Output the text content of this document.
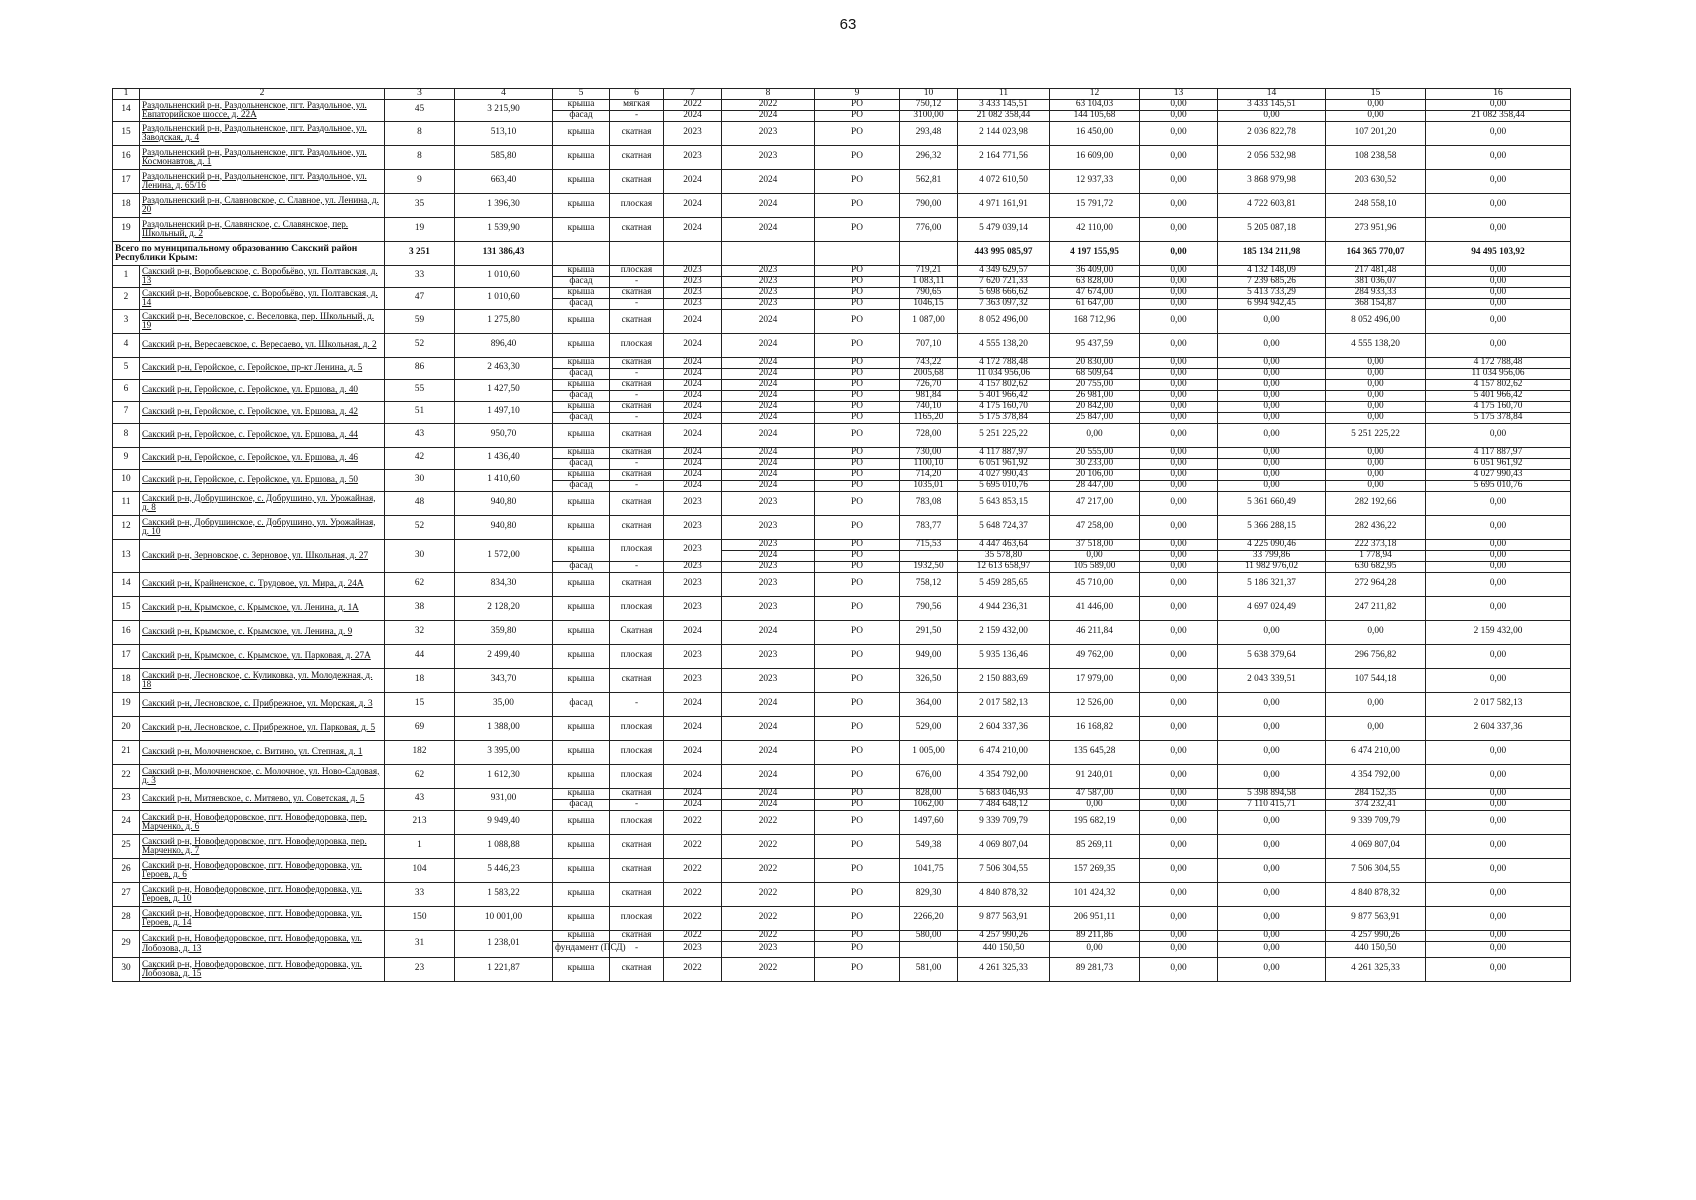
63
1	2	3	4	5	6	7	8	9	10	11	12	13	14	15	16
14	Раздольненский р-н, Раздольненское, пгт. Раздольное, ул. Евпаторийское шоссе, д. 22А	45	3 215,90	крыша	мягкая	2022	2022	РО	750,12	3 433 145,51	63 104,03	0,00	3 433 145,51	0,00	0,00
				фасад	-	2024	2024	РО	3100,00	21 082 358,44	144 105,68	0,00	0,00	0,00	21 082 358,44
15	Раздольненский р-н, Раздольненское, пгт. Раздольное, ул. Заводская, д. 4	8	513,10	крыша	скатная	2023	2023	РО	293,48	2 144 023,98	16 450,00	0,00	2 036 822,78	107 201,20	0,00
16	Раздольненский р-н, Раздольненское, пгт. Раздольное, ул. Космонавтов, д. 1	8	585,80	крыша	скатная	2023	2023	РО	296,32	2 164 771,56	16 609,00	0,00	2 056 532,98	108 238,58	0,00
17	Раздольненский р-н, Раздольненское, пгт. Раздольное, ул. Ленина, д. 65/16	9	663,40	крыша	скатная	2024	2024	РО	562,81	4 072 610,50	12 937,33	0,00	3 868 979,98	203 630,52	0,00
18	Раздольненский р-н, Славновское, с. Славное, ул. Ленина, д. 20	35	1 396,30	крыша	плоская	2024	2024	РО	790,00	4 971 161,91	15 791,72	0,00	4 722 603,81	248 558,10	0,00
19	Раздольненский р-н, Славянское, с. Славянское, пер. Школьный, д. 2	19	1 539,90	крыша	скатная	2024	2024	РО	776,00	5 479 039,14	42 110,00	0,00	5 205 087,18	273 951,96	0,00
Всего по муниципальному образованию Сакский район Республики Крым:		3 251	131 386,43							443 995 085,97	4 197 155,95	0,00	185 134 211,98	164 365 770,07	94 495 103,92
1	Сакский р-н, Воробьевское, с. Воробьёво, ул. Полтавская, д. 13	33	1 010,60	крыша	плоская	2023	2023	РО	719,21	4 349 629,57	36 409,00	0,00	4 132 148,09	217 481,48	0,00
				фасад	-	2023	2023	РО	1 083,11	7 620 721,33	63 828,00	0,00	7 239 685,26	381 036,07	0,00
2	Сакский р-н, Воробьевское, с. Воробьёво, ул. Полтавская, д. 14	47	1 010,60	крыша	скатная	2023	2023	РО	790,65	5 698 666,62	47 674,00	0,00	5 413 733,29	284 933,33	0,00
				фасад	-	2023	2023	РО	1046,15	7 363 097,32	61 647,00	0,00	6 994 942,45	368 154,87	0,00
3	Сакский р-н, Веселовское, с. Веселовка, пер. Школьный, д. 19	59	1 275,80	крыша	скатная	2024	2024	РО	1 087,00	8 052 496,00	168 712,96	0,00	0,00	8 052 496,00	0,00
4	Сакский р-н, Вересаевское, с. Вересаево, ул. Школьная, д. 2	52	896,40	крыша	плоская	2024	2024	РО	707,10	4 555 138,20	95 437,59	0,00	0,00	4 555 138,20	0,00
5	Сакский р-н, Геройское, с. Геройское, пр-кт Ленина, д. 5	86	2 463,30	крыша	скатная	2024	2024	РО	743,22	4 172 788,48	20 830,00	0,00	0,00	0,00	4 172 788,48
				фасад	-	2024	2024	РО	2005,68	11 034 956,06	68 509,64	0,00	0,00	0,00	11 034 956,06
6	Сакский р-н, Геройское, с. Геройское, ул. Ершова, д. 40	55	1 427,50	крыша	скатная	2024	2024	РО	726,70	4 157 802,62	20 755,00	0,00	0,00	0,00	4 157 802,62
				фасад	-	2024	2024	РО	981,84	5 401 966,42	26 981,00	0,00	0,00	0,00	5 401 966,42
7	Сакский р-н, Геройское, с. Геройское, ул. Ершова, д. 42	51	1 497,10	крыша	скатная	2024	2024	РО	740,10	4 175 160,70	20 842,00	0,00	0,00	0,00	4 175 160,70
				фасад	-	2024	2024	РО	1165,20	5 175 378,84	25 847,00	0,00	0,00	0,00	5 175 378,84
8	Сакский р-н, Геройское, с. Геройское, ул. Ершова, д. 44	43	950,70	крыша	скатная	2024	2024	РО	728,00	5 251 225,22	0,00	0,00	0,00	5 251 225,22	0,00
9	Сакский р-н, Геройское, с. Геройское, ул. Ершова, д. 46	42	1 436,40	крыша	скатная	2024	2024	РО	730,00	4 117 887,97	20 555,00	0,00	0,00	0,00	4 117 887,97
				фасад	-	2024	2024	РО	1100,10	6 051 961,92	30 233,00	0,00	0,00	0,00	6 051 961,92
10	Сакский р-н, Геройское, с. Геройское, ул. Ершова, д. 50	30	1 410,60	крыша	скатная	2024	2024	РО	714,20	4 027 990,43	20 106,00	0,00	0,00	0,00	4 027 990,43
				фасад	-	2024	2024	РО	1035,01	5 695 010,76	28 447,00	0,00	0,00	0,00	5 695 010,76
11	Сакский р-н, Добрушинское, с. Добрушино, ул. Урожайная, д. 8	48	940,80	крыша	скатная	2023	2023	РО	783,08	5 643 853,15	47 217,00	0,00	5 361 660,49	282 192,66	0,00
12	Сакский р-н, Добрушинское, с. Добрушино, ул. Урожайная, д. 10	52	940,80	крыша	скатная	2023	2023	РО	783,77	5 648 724,37	47 258,00	0,00	5 366 288,15	282 436,22	0,00
13	Сакский р-н, Зерновское, с. Зерновое, ул. Школьная, д. 27	30	1 572,00	крыша	плоская	2023	2023	РО	715,53	4 447 463,64	37 518,00	0,00	4 225 090,46	222 373,18	0,00
							2024	РО		35 578,80	0,00	0,00	33 799,86	1 778,94	0,00
				фасад	-	2023	2023	РО	1932,50	12 613 658,97	105 589,00	0,00	11 982 976,02	630 682,95	0,00
14	Сакский р-н, Крайненское, с. Трудовое, ул. Мира, д. 24А	62	834,30	крыша	скатная	2023	2023	РО	758,12	5 459 285,65	45 710,00	0,00	5 186 321,37	272 964,28	0,00
15	Сакский р-н, Крымское, с. Крымское, ул. Ленина, д. 1А	38	2 128,20	крыша	плоская	2023	2023	РО	790,56	4 944 236,31	41 446,00	0,00	4 697 024,49	247 211,82	0,00
16	Сакский р-н, Крымское, с. Крымское, ул. Ленина, д. 9	32	359,80	крыша	Скатная	2024	2024	РО	291,50	2 159 432,00	46 211,84	0,00	0,00	0,00	2 159 432,00
17	Сакский р-н, Крымское, с. Крымское, ул. Парковая, д. 27А	44	2 499,40	крыша	плоская	2023	2023	РО	949,00	5 935 136,46	49 762,00	0,00	5 638 379,64	296 756,82	0,00
18	Сакский р-н, Лесновское, с. Куликовка, ул. Молодежная, д. 18	18	343,70	крыша	скатная	2023	2023	РО	326,50	2 150 883,69	17 979,00	0,00	2 043 339,51	107 544,18	0,00
19	Сакский р-н, Лесновское, с. Прибрежное, ул. Морская, д. 3	15	35,00	фасад	-	2024	2024	РО	364,00	2 017 582,13	12 526,00	0,00	0,00	0,00	2 017 582,13
20	Сакский р-н, Лесновское, с. Прибрежное, ул. Парковая, д. 5	69	1 388,00	крыша	плоская	2024	2024	РО	529,00	2 604 337,36	16 168,82	0,00	0,00	0,00	2 604 337,36
21	Сакский р-н, Молочненское, с. Витино, ул. Степная, д. 1	182	3 395,00	крыша	плоская	2024	2024	РО	1 005,00	6 474 210,00	135 645,28	0,00	0,00	6 474 210,00	0,00
22	Сакский р-н, Молочненское, с. Молочное, ул. Ново-Садовая, д. 3	62	1 612,30	крыша	плоская	2024	2024	РО	676,00	4 354 792,00	91 240,01	0,00	0,00	4 354 792,00	0,00
23	Сакский р-н, Митяевское, с. Митяево, ул. Советская, д. 5	43	931,00	крыша	скатная	2024	2024	РО	828,00	5 683 046,93	47 587,00	0,00	5 398 894,58	284 152,35	0,00
				фасад	-	2024	2024	РО	1062,00	7 484 648,12	0,00	0,00	7 110 415,71	374 232,41	0,00
24	Сакский р-н, Новофедоровское, пгт. Новофедоровка, пер. Марченко, д. 6	213	9 949,40	крыша	плоская	2022	2022	РО	1497,60	9 339 709,79	195 682,19	0,00	0,00	9 339 709,79	0,00
25	Сакский р-н, Новофедоровское, пгт. Новофедоровка, пер. Марченко, д. 7	1	1 088,88	крыша	скатная	2022	2022	РО	549,38	4 069 807,04	85 269,11	0,00	0,00	4 069 807,04	0,00
26	Сакский р-н, Новофедоровское, пгт. Новофедоровка, ул. Героев, д. 6	104	5 446,23	крыша	скатная	2022	2022	РО	1041,75	7 506 304,55	157 269,35	0,00	0,00	7 506 304,55	0,00
27	Сакский р-н, Новофедоровское, пгт. Новофедоровка, ул. Героев, д. 10	33	1 583,22	крыша	скатная	2022	2022	РО	829,30	4 840 878,32	101 424,32	0,00	0,00	4 840 878,32	0,00
28	Сакский р-н, Новофедоровское, пгт. Новофедоровка, ул. Героев, д. 14	150	10 001,00	крыша	плоская	2022	2022	РО	2266,20	9 877 563,91	206 951,11	0,00	0,00	9 877 563,91	0,00
29	Сакский р-н, Новофедоровское, пгт. Новофедоровка, ул. Лобозова, д. 13	31	1 238,01	крыша	скатная	2022	2022	РО	580,00	4 257 990,26	89 211,86	0,00	0,00	4 257 990,26	0,00
				фундамент (ПСД)	-	2023	2023	РО		440 150,50	0,00	0,00	0,00	440 150,50	0,00
30	Сакский р-н, Новофедоровское, пгт. Новофедоровка, ул. Лобозова, д. 15	23	1 221,87	крыша	скатная	2022	2022	РО	581,00	4 261 325,33	89 281,73	0,00	0,00	4 261 325,33	0,00
